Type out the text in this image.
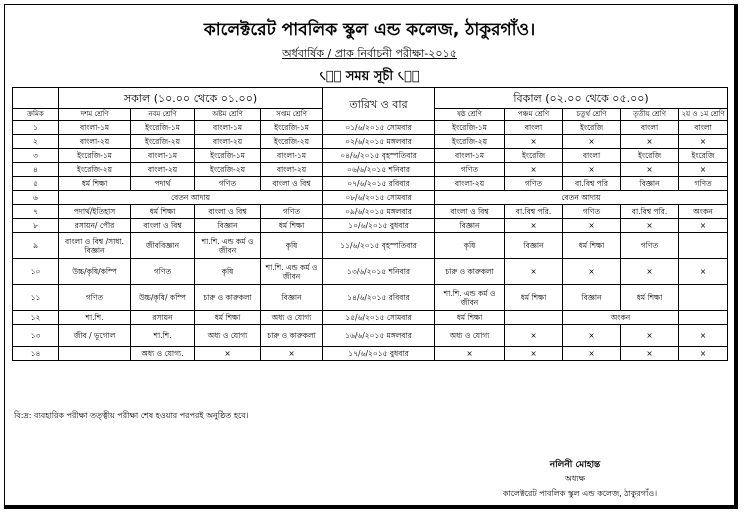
কালেক্টরেট পাবলিক স্কুল এন্ড কলেজ, ঠাকুরগাঁও।
অর্ধবার্ষিক / প্রাক নির্বাচনী পরীক্ষা-২০১৫
৻৫৾ সময় সূচী ৻৫৾
	সকাল (১০.০০ থেকে ০১.০০)				তারিখ ও বার	বিকাল (০২.০০ থেকে ০৫.০০)				
ক্রমিক	দশম শ্রেণি	নবম শ্রেণি	অষ্টম শ্রেণি	সপ্তম শ্রেণি		ষষ্ঠ শ্রেণি	পঞ্চম শ্রেণি	চতুর্থ শ্রেণি	তৃতীয় শ্রেণি	২য় ও ১ম শ্রেণি
১	বাংলা-১ম	ইংরেজি-১ম	বাংলা-১ম	ইংরেজি-১ম	০১/৬/২০১৫ সোমবার	ইংরেজি-১ম	বাংলা	ইংরেজি	বাংলা	বাংলা
২	বাংলা-২য়	ইংরেজি-২য়	বাংলা-২য়	ইংরেজি-২য়	০২/৬/২০১৫ মঙ্গলবার	ইংরেজি-২য়	×	×	×	×
৩	ইংরেজি-১ম	বাংলা-১ম	ইংরেজি-১ম	বাংলা-১ম	০৪/৬/২০১৫ বৃহস্পতিবার	বাংলা-১ম	ইংরেজি	বাংলা	ইংরেজি	ইংরেজি
৪	ইংরেজি-২য়	বাংলা-২য়	ইংরেজি-২য়	বাংলা-২য়	০৬/৬/২০১৫ শনিবার	গণিত	×	×	×	×
৫	ধর্ম শিক্ষা	পদার্থ	গণিত	বাংলা ও বিশ্ব	০৭/৬/২০১৫ রবিবার	বাংলা-২য়	গণিত	বা.বিশ্ব পরি	বিজ্ঞান	গণিত
৬	বেতন আদায়				০৮/৬/২০১৫ সোমবার	বেতন আদায়				
৭	পদার্থ/ইতিহাস	ধর্ম শিক্ষা	বাংলা ও বিশ্ব	গণিত	০৯/৬/২০১৫ মঙ্গলবার	বাংলা ও বিশ্ব	বা.বিশ্ব পরি.	গণিত	বা.বিশ্ব পরি.	অংকন
৮	রসায়ন/ পৌর	বাংলা ও বিশ্ব	বিজ্ঞান	ধর্ম শিক্ষা	১০/৬/২০১৫ বুধবার	বিজ্ঞান	×	×	×	×
৯	বাংলা ও বিশ্ব /সাধা. বিজ্ঞান	জীববিজ্ঞান	শা.শি. এন্ড কর্ম ও জীবন	কৃষি	১১/৬/২০১৫ বৃহস্পতিবার	কৃষি	বিজ্ঞান	ধর্ম শিক্ষা	গণিত	
১০	উচ্চ/কৃষি/কম্পি	গণিত	কৃষি	শা.শি. এন্ড কর্ম ও জীবন	১৩/৬/২০১৫ শনিবার	চারু ও কারুকলা	×	×	×	×
১১	গণিত	উচ্চ/কৃষি/ কম্পি	চারু ও কারুকলা	বিজ্ঞান	১৪/৬/২০১৫ রবিবার	শা.শি. এন্ড কর্ম ও জীবন	ধর্ম শিক্ষা	বিজ্ঞান	ধর্ম শিক্ষা	
১২	শা.শি.	রসায়ন	ধর্ম শিক্ষা	অধ্য ও যোগ্য	১৫/৬/২০১৫ সোমবার	ধর্ম শিক্ষা		অংকন		
১৩	জীব / ভূগোল	শা.শি.	অধ্য ও যোগ্য	চারু ও কারুকলা	১৬/৬/২০১৫ মঙ্গলবার	অধ্য ও যোগ্য	×	×	×	×
১৪		অধ্য ও যোগ্য.	×	×	১৭/৬/২০১৫ বুধবার	×	×	×	×	×
বি:দ্র: ব্যবহারিক পরীক্ষা তত্ত্বীয় পরীক্ষা শেষ হওয়ার পরপরই অনুষ্ঠিত হবে।
নলিনী মোহান্ত
অধ্যক্ষ
কালেক্টরেট পাবলিক স্কুল এন্ড কলেজ, ঠাকুরগাঁও।
